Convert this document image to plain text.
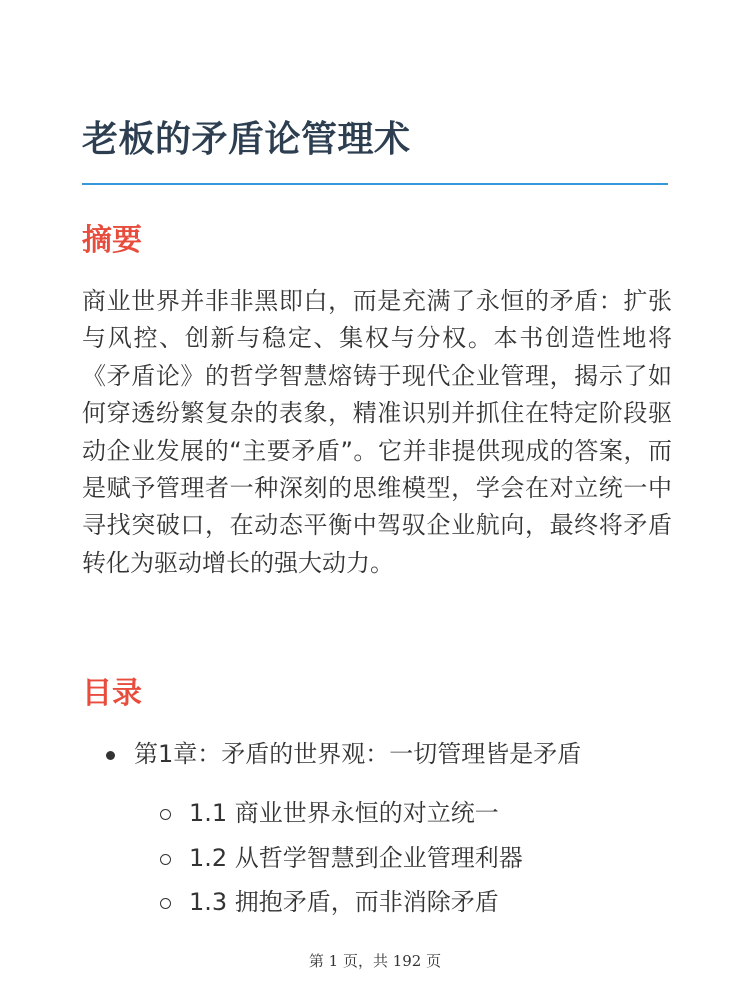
老板的矛盾论管理术
摘要

商业世界并非非黑即白，而是充满了永恒的矛盾：扩张与风控、创新与稳定、集权与分权。本书创造性地将《矛盾论》的哲学智慧熔铸于现代企业管理，揭示了如何穿透纷繁复杂的表象，精准识别并抓住在特定阶段驱动企业发展的“主要矛盾”。它并非提供现成的答案，而是赋予管理者一种深刻的思维模型，学会在对立统一中寻找突破口，在动态平衡中驾驭企业航向，最终将矛盾转化为驱动增长的强大动力。

目录
第1章：矛盾的世界观：一切管理皆是矛盾
1.1 商业世界永恒的对立统一
1.2 从哲学智慧到企业管理利器
1.3 拥抱矛盾，而非消除矛盾
第 1 页，共 192 页
